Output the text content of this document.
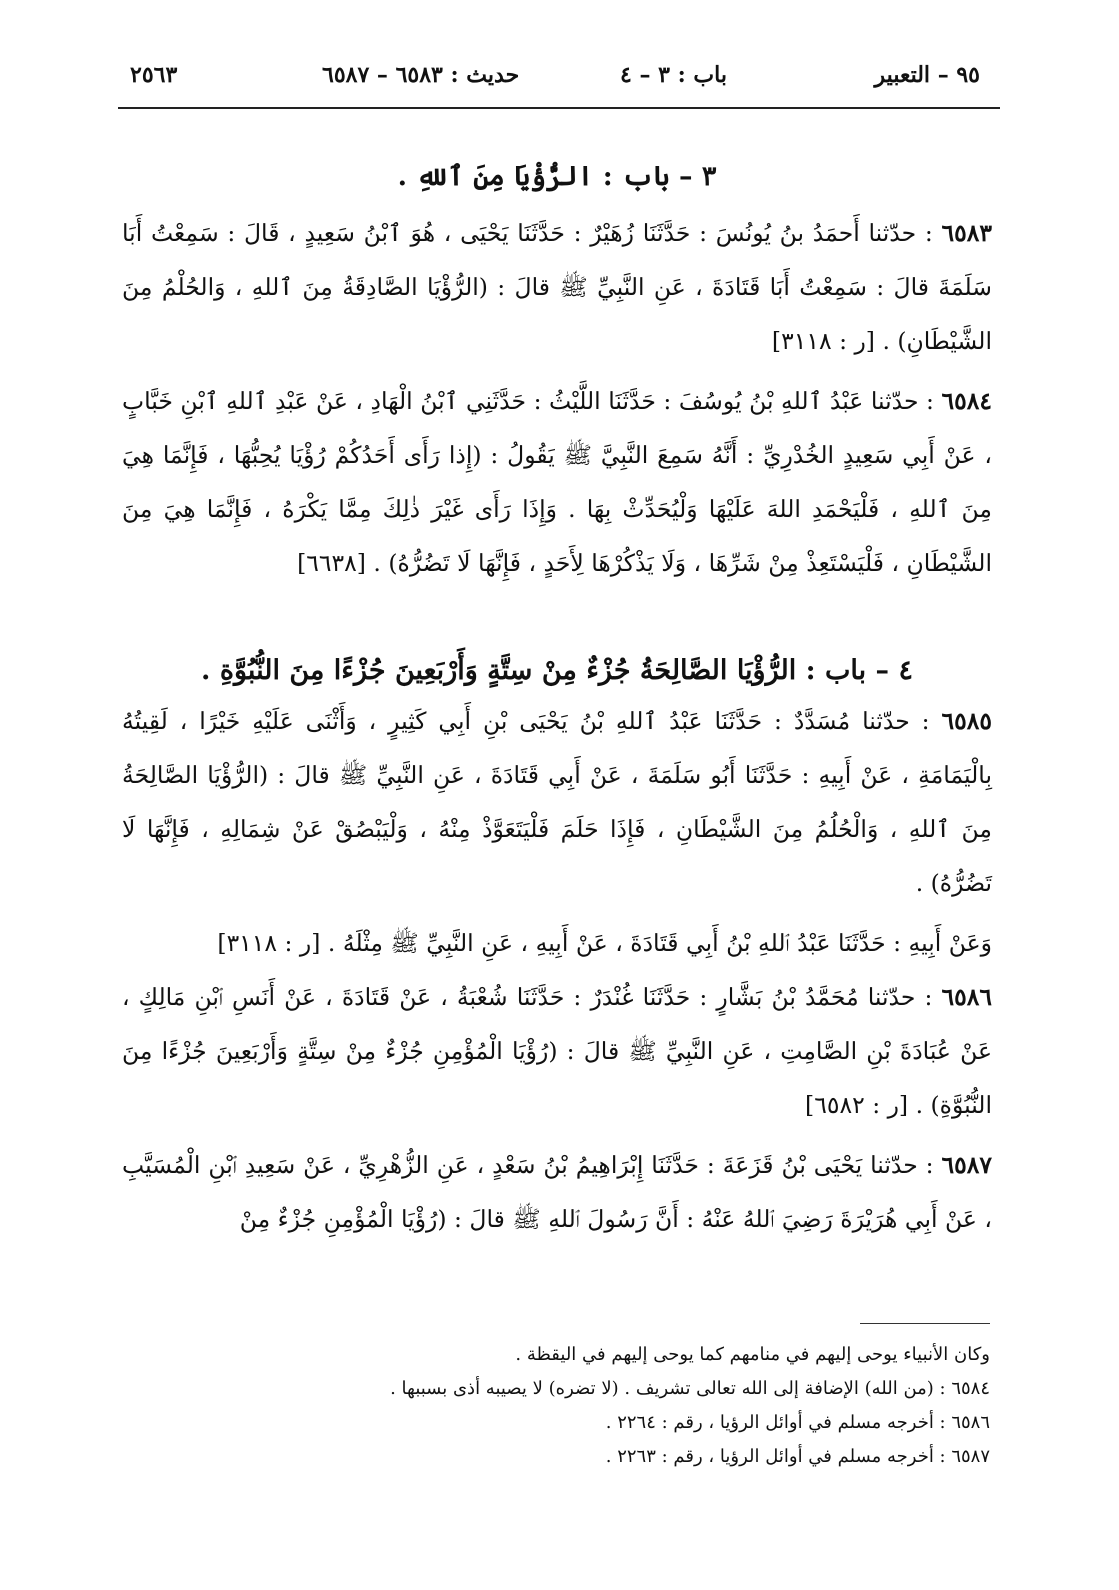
٢٥٦٣	حديث : ٦٥٨٣ – ٦٥٨٧	باب : ٣ – ٤	٩٥ – التعبير

٣ – باب : الرُّؤْيَا مِنَ ٱللهِ .

٦٥٨٣ : حدّثنا أَحمَدُ بنُ يُونُسَ : حَدَّثَنَا زُهَيْرٌ : حَدَّثَنَا يَحْيَى ، هُوَ ٱبْنُ سَعِيدٍ ، قَالَ : سَمِعْتُ أَبَا سَلَمَةَ قالَ : سَمِعْتُ أَبَا قَتَادَةَ ، عَنِ النَّبِيِّ ﷺ قالَ : (الرُّؤْيَا الصَّادِقَةُ مِنَ ٱللهِ ، وَالحُلْمُ مِنَ الشَّيْطَانِ) . [ر : ٣١١٨]

٦٥٨٤ : حدّثنا عَبْدُ ٱللهِ بْنُ يُوسُفَ : حَدَّثَنَا اللَّيْثُ : حَدَّثَنِي ٱبْنُ الْهَادِ ، عَنْ عَبْدِ ٱللهِ ٱبْنِ خَبَّابٍ ، عَنْ أَبِي سَعِيدٍ الخُدْرِيِّ : أَنَّهُ سَمِعَ النَّبِيَّ ﷺ يَقُولُ : (إِذا رَأَى أَحَدُكُمْ رُؤْيَا يُحِبُّهَا ، فَإِنَّمَا هِيَ مِنَ ٱللهِ ، فَلْيَحْمَدِ اللهَ عَلَيْهَا وَلْيُحَدِّثْ بِهَا . وَإِذَا رَأَى غَيْرَ ذٰلِكَ مِمَّا يَكْرَهُ ، فَإِنَّمَا هِيَ مِنَ الشَّيْطَانِ ، فَلْيَسْتَعِذْ مِنْ شَرِّهَا ، وَلَا يَذْكُرْهَا لِأَحَدٍ ، فَإِنَّهَا لَا تَضُرُّهُ) . [٦٦٣٨]

٤ – باب : الرُّؤْيَا الصَّالِحَةُ جُزْءٌ مِنْ سِتَّةٍ وَأَرْبَعِينَ جُزْءًا مِنَ النُّبُوَّةِ .

٦٥٨٥ : حدّثنا مُسَدَّدٌ : حَدَّثَنَا عَبْدُ ٱللهِ بْنُ يَحْيَى بْنِ أَبِي كَثِيرٍ ، وَأَثْنَى عَلَيْهِ خَيْرًا ، لَقِيتُهُ بِالْيَمَامَةِ ، عَنْ أَبِيهِ : حَدَّثَنَا أَبُو سَلَمَةَ ، عَنْ أَبِي قَتَادَةَ ، عَنِ النَّبِيِّ ﷺ قالَ : (الرُّؤْيَا الصَّالِحَةُ مِنَ ٱللهِ ، وَالْحُلُمُ مِنَ الشَّيْطَانِ ، فَإِذَا حَلَمَ فَلْيَتَعَوَّذْ مِنْهُ ، وَلْيَبْصُقْ عَنْ شِمَالِهِ ، فَإِنَّهَا لَا تَضُرُّهُ) .

وَعَنْ أَبِيهِ : حَدَّثَنَا عَبْدُ ٱللهِ بْنُ أَبِي قَتَادَةَ ، عَنْ أَبِيهِ ، عَنِ النَّبِيِّ ﷺ مِثْلَهُ . [ر : ٣١١٨]

٦٥٨٦ : حدّثنا مُحَمَّدُ بْنُ بَشَّارٍ : حَدَّثَنَا غُنْدَرٌ : حَدَّثَنَا شُعْبَةُ ، عَنْ قَتَادَةَ ، عَنْ أَنَسِ ٱبْنِ مَالِكٍ ، عَنْ عُبَادَةَ بْنِ الصَّامِتِ ، عَنِ النَّبِيِّ ﷺ قالَ : (رُؤْيَا الْمُؤْمِنِ جُزْءٌ مِنْ سِتَّةٍ وَأَرْبَعِينَ جُزْءًا مِنَ النُّبُوَّةِ) . [ر : ٦٥٨٢]

٦٥٨٧ : حدّثنا يَحْيَى بْنُ قَزَعَةَ : حَدَّثَنَا إِبْرَاهِيمُ بْنُ سَعْدٍ ، عَنِ الزُّهْرِيِّ ، عَنْ سَعِيدِ ٱبْنِ الْمُسَيَّبِ ، عَنْ أَبِي هُرَيْرَةَ رَضِيَ ٱللهُ عَنْهُ : أَنَّ رَسُولَ ٱللهِ ﷺ قالَ : (رُؤْيَا الْمُؤْمِنِ جُزْءٌ مِنْ

وكان الأنبياء يوحى إليهم في منامهم كما يوحى إليهم في اليقظة .

٦٥٨٤ : (من الله) الإضافة إلى الله تعالى تشريف . (لا تضره) لا يصيبه أذى بسببها .

٦٥٨٦ : أخرجه مسلم في أوائل الرؤيا ، رقم : ٢٢٦٤ .

٦٥٨٧ : أخرجه مسلم في أوائل الرؤيا ، رقم : ٢٢٦٣ .
